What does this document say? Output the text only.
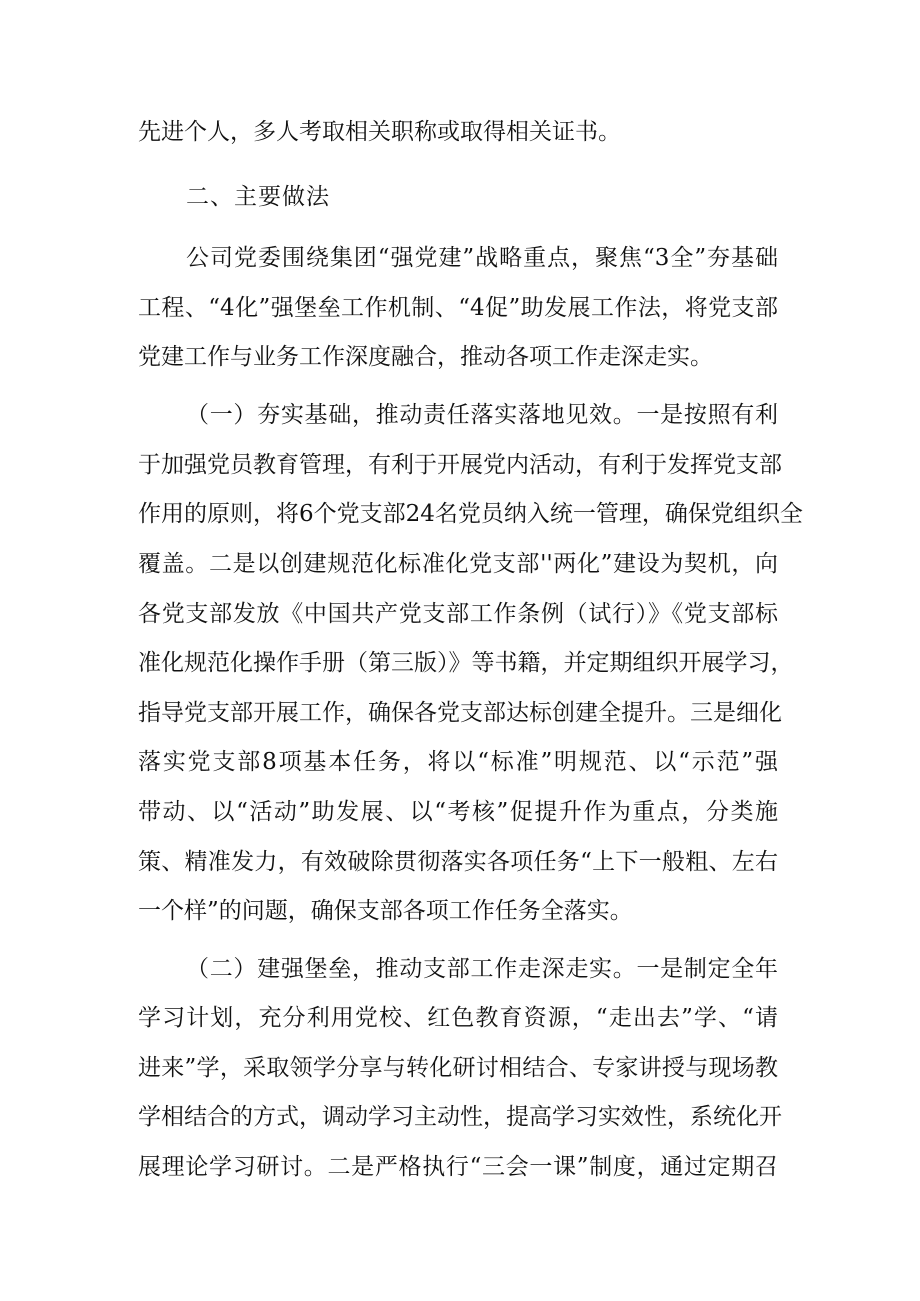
先进个人，多人考取相关职称或取得相关证书。
二、主要做法
公司党委围绕集团“强党建”战略重点，聚焦“3全”夯基础
工程、“4化”强堡垒工作机制、“4促”助发展工作法，将党支部
党建工作与业务工作深度融合，推动各项工作走深走实。
（一）夯实基础，推动责任落实落地见效。一是按照有利
于加强党员教育管理，有利于开展党内活动，有利于发挥党支部
作用的原则，将6个党支部24名党员纳入统一管理，确保党组织全
覆盖。二是以创建规范化标准化党支部''两化”建设为契机，向
各党支部发放《中国共产党支部工作条例（试行）》《党支部标
准化规范化操作手册（第三版）》等书籍，并定期组织开展学习，
指导党支部开展工作，确保各党支部达标创建全提升。三是细化
落实党支部8项基本任务，将以“标准”明规范、以“示范”强
带动、以“活动”助发展、以“考核”促提升作为重点，分类施
策、精准发力，有效破除贯彻落实各项任务“上下一般粗、左右
一个样”的问题，确保支部各项工作任务全落实。
（二）建强堡垒，推动支部工作走深走实。一是制定全年
学习计划，充分利用党校、红色教育资源，“走出去”学、“请
进来”学，采取领学分享与转化研讨相结合、专家讲授与现场教
学相结合的方式，调动学习主动性，提高学习实效性，系统化开
展理论学习研讨。二是严格执行“三会一课”制度，通过定期召
